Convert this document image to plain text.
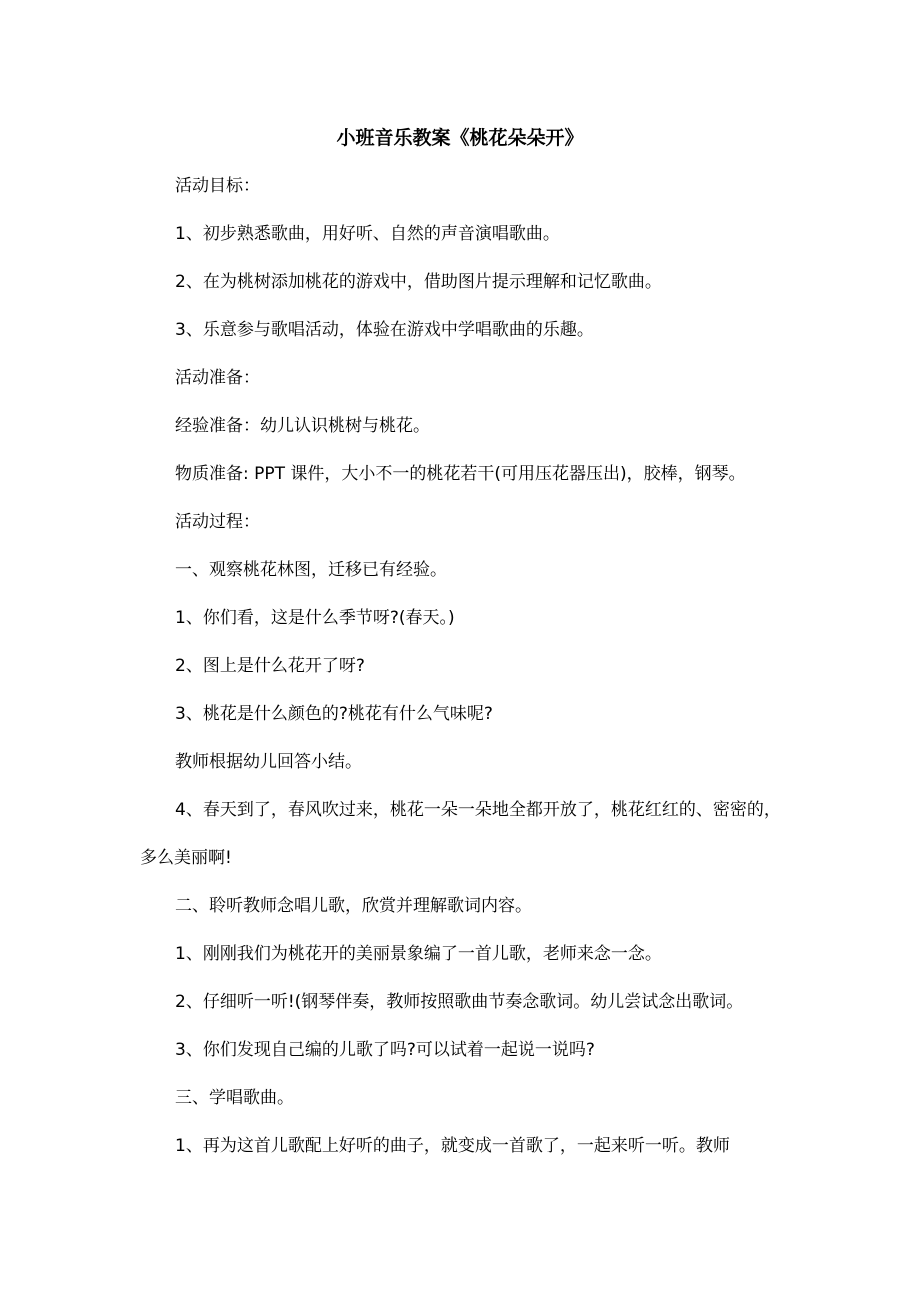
小班音乐教案《桃花朵朵开》
活动目标：
1、初步熟悉歌曲，用好听、自然的声音演唱歌曲。
2、在为桃树添加桃花的游戏中，借助图片提示理解和记忆歌曲。
3、乐意参与歌唱活动，体验在游戏中学唱歌曲的乐趣。
活动准备：
经验准备：幼儿认识桃树与桃花。
物质准备: PPT 课件，大小不一的桃花若干(可用压花器压出)，胶棒，钢琴。
活动过程：
一、观察桃花林图，迁移已有经验。
1、你们看，这是什么季节呀?(春天。)
2、图上是什么花开了呀?
3、桃花是什么颜色的?桃花有什么气味呢?
教师根据幼儿回答小结。
4、春天到了，春风吹过来，桃花一朵一朵地全都开放了，桃花红红的、密密的，多么美丽啊!
二、聆听教师念唱儿歌，欣赏并理解歌词内容。
1、刚刚我们为桃花开的美丽景象编了一首儿歌，老师来念一念。
2、仔细听一听!(钢琴伴奏，教师按照歌曲节奏念歌词。幼儿尝试念出歌词。
3、你们发现自己编的儿歌了吗?可以试着一起说一说吗?
三、学唱歌曲。
1、再为这首儿歌配上好听的曲子，就变成一首歌了，一起来听一听。教师
